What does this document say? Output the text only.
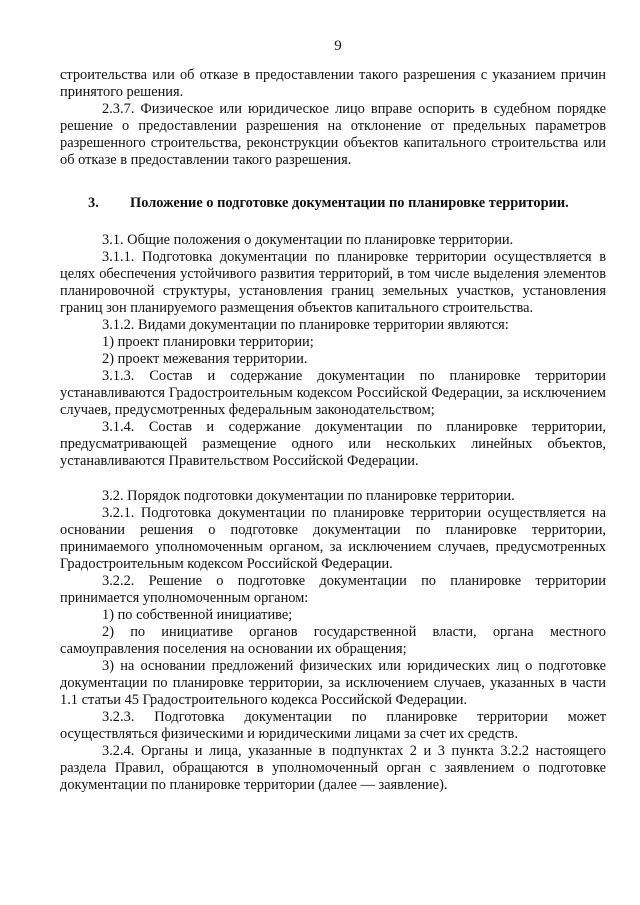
9

строительства или об отказе в предоставлении такого разрешения с указанием причин принятого решения.

2.3.7. Физическое или юридическое лицо вправе оспорить в судебном порядке решение о предоставлении разрешения на отклонение от предельных параметров разрешенного строительства, реконструкции объектов капитального строительства или об отказе в предоставлении такого разрешения.

3.	Положение о подготовке документации по планировке территории.

3.1. Общие положения о документации по планировке территории.

3.1.1. Подготовка документации по планировке территории осуществляется в целях обеспечения устойчивого развития территорий, в том числе выделения элементов планировочной структуры, установления границ земельных участков, установления границ зон планируемого размещения объектов капитального строительства.

3.1.2. Видами документации по планировке территории являются:

1) проект планировки территории;

2) проект межевания территории.

3.1.3. Состав и содержание документации по планировке территории устанавливаются Градостроительным кодексом Российской Федерации, за исключением случаев, предусмотренных федеральным законодательством;

3.1.4. Состав и содержание документации по планировке территории, предусматривающей размещение одного или нескольких линейных объектов, устанавливаются Правительством Российской Федерации.

3.2. Порядок подготовки документации по планировке территории.

3.2.1. Подготовка документации по планировке территории осуществляется на основании решения о подготовке документации по планировке территории, принимаемого уполномоченным органом, за исключением случаев, предусмотренных Градостроительным кодексом Российской Федерации.

3.2.2. Решение о подготовке документации по планировке территории принимается уполномоченным органом:

1) по собственной инициативе;

2) по инициативе органов государственной власти, органа местного самоуправления поселения на основании их обращения;

3) на основании предложений физических или юридических лиц о подготовке документации по планировке территории, за исключением случаев, указанных в части 1.1 статьи 45 Градостроительного кодекса Российской Федерации.

3.2.3. Подготовка документации по планировке территории может осуществляться физическими и юридическими лицами за счет их средств.

3.2.4. Органы и лица, указанные в подпунктах 2 и 3 пункта 3.2.2 настоящего раздела Правил, обращаются в уполномоченный орган с заявлением о подготовке документации по планировке территории (далее — заявление).
